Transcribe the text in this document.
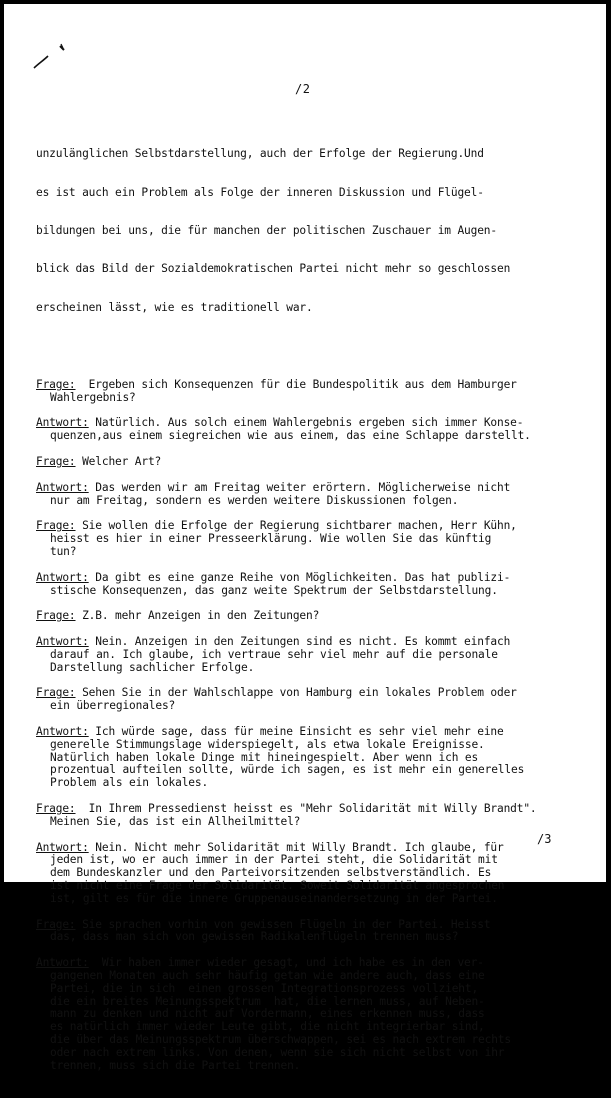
/2

unzulänglichen Selbstdarstellung, auch der Erfolge der Regierung.Und

es ist auch ein Problem als Folge der inneren Diskussion und Flügel-

bildungen bei uns, die für manchen der politischen Zuschauer im Augen-

blick das Bild der Sozialdemokratischen Partei nicht mehr so geschlossen

erscheinen lässt, wie es traditionell war.

Frage:  Ergeben sich Konsequenzen für die Bundespolitik aus dem Hamburger
Wahlergebnis?
Antwort: Natürlich. Aus solch einem Wahlergebnis ergeben sich immer Konse-
quenzen,aus einem siegreichen wie aus einem, das eine Schlappe darstellt.
Frage: Welcher Art?
Antwort: Das werden wir am Freitag weiter erörtern. Möglicherweise nicht
nur am Freitag, sondern es werden weitere Diskussionen folgen.
Frage: Sie wollen die Erfolge der Regierung sichtbarer machen, Herr Kühn,
heisst es hier in einer Presseerklärung. Wie wollen Sie das künftig
tun?
Antwort: Da gibt es eine ganze Reihe von Möglichkeiten. Das hat publizi-
stische Konsequenzen, das ganz weite Spektrum der Selbstdarstellung.
Frage: Z.B. mehr Anzeigen in den Zeitungen?
Antwort: Nein. Anzeigen in den Zeitungen sind es nicht. Es kommt einfach
darauf an. Ich glaube, ich vertraue sehr viel mehr auf die personale
Darstellung sachlicher Erfolge.
Frage: Sehen Sie in der Wahlschlappe von Hamburg ein lokales Problem oder
ein überregionales?
Antwort: Ich würde sage, dass für meine Einsicht es sehr viel mehr eine
generelle Stimmungslage widerspiegelt, als etwa lokale Ereignisse.
Natürlich haben lokale Dinge mit hineingespielt. Aber wenn ich es
prozentual aufteilen sollte, würde ich sagen, es ist mehr ein generelles
Problem als ein lokales.
Frage:  In Ihrem Pressedienst heisst es "Mehr Solidarität mit Willy Brandt".
Meinen Sie, das ist ein Allheilmittel?
Antwort: Nein. Nicht mehr Solidarität mit Willy Brandt. Ich glaube, für
jeden ist, wo er auch immer in der Partei steht, die Solidarität mit
dem Bundeskanzler und den Parteivorsitzenden selbstverständlich. Es
ist nicht eine Frage der Solidarität. Soweit Solidarität angesprochen
ist, gilt es für die innere Gruppenauseinandersetzung in der Partei.
Frage: Sie sprachen vorhin von gewissen Flügeln in der Partei. Heisst
das, dass man sich von gewissen Radikalenflügeln trennen muss?
Antwort:  Wir haben immer wieder gesagt, und ich habe es in den ver-
gangenen Monaten auch sehr häufig getan wie andere auch, dass eine
Partei, die in sich  einen grossen Integrationsprozess vollzieht,
die ein breites Meinungsspektrum  hat, die lernen muss, auf Neben-
mann zu denken und nicht auf Vordermann, eines erkennen muss, dass
es natürlich immer wieder Leute gibt, die nicht integrierbar sind,
die über das Meinungsspektrum überschwappen, sei es nach extrem rechts
oder nach extrem links. Von denen, wenn sie sich nicht selbst von ihr
trennen, muss sich die Partei trennen.

/3
